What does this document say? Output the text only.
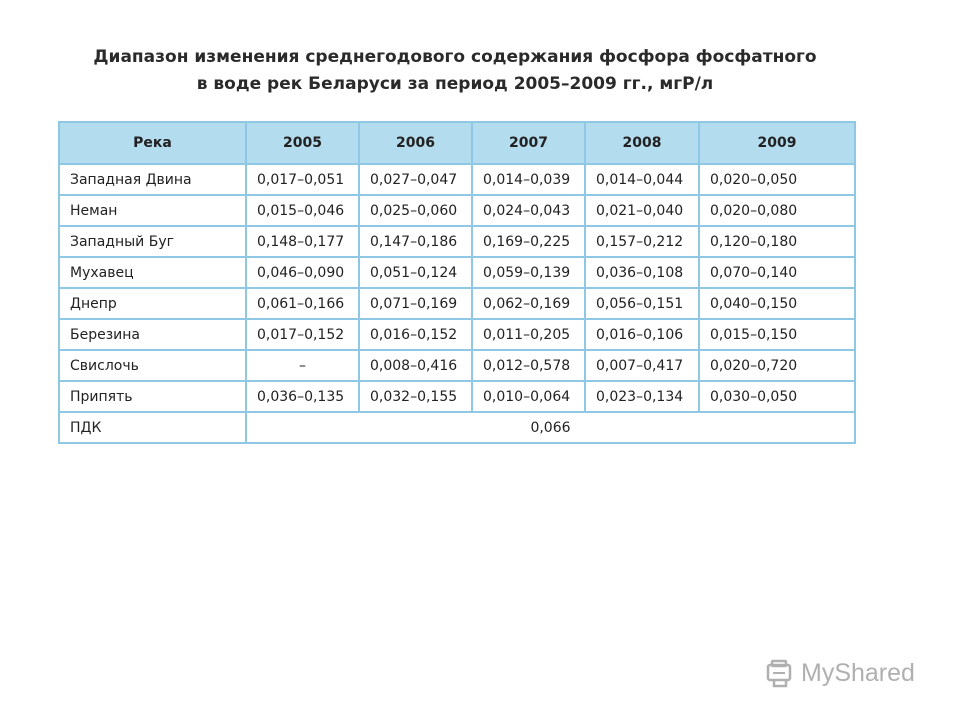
Диапазон изменения среднегодового содержания фосфора фосфатного
в воде рек Беларуси за период 2005–2009 гг., мгР/л
Река	2005	2006	2007	2008	2009
Западная Двина	0,017–0,051	0,027–0,047	0,014–0,039	0,014–0,044	0,020–0,050
Неман	0,015–0,046	0,025–0,060	0,024–0,043	0,021–0,040	0,020–0,080
Западный Буг	0,148–0,177	0,147–0,186	0,169–0,225	0,157–0,212	0,120–0,180
Мухавец	0,046–0,090	0,051–0,124	0,059–0,139	0,036–0,108	0,070–0,140
Днепр	0,061–0,166	0,071–0,169	0,062–0,169	0,056–0,151	0,040–0,150
Березина	0,017–0,152	0,016–0,152	0,011–0,205	0,016–0,106	0,015–0,150
Свислочь	–	0,008–0,416	0,012–0,578	0,007–0,417	0,020–0,720
Припять	0,036–0,135	0,032–0,155	0,010–0,064	0,023–0,134	0,030–0,050
ПДК	0,066				
MyShared
